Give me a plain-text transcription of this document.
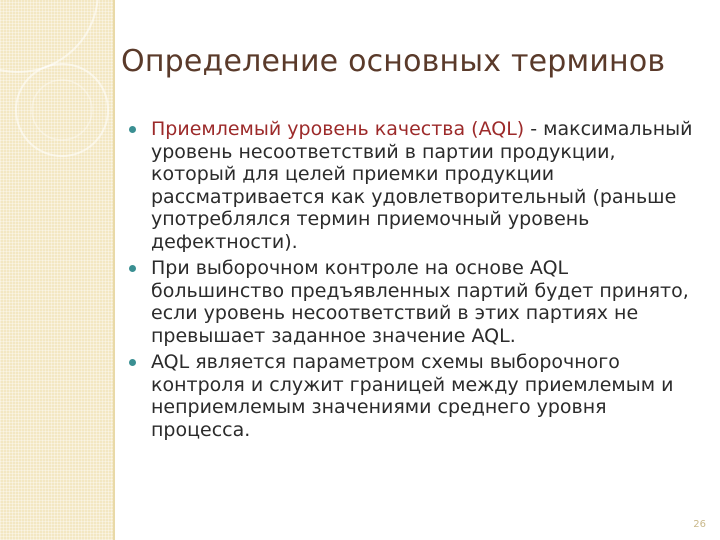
Определение основных терминов
Приемлемый уровень качества (AQL) - максимальный уровень несоответствий в партии продукции, который для целей приемки продукции рассматривается как удовлетворительный (раньше употреблялся термин приемочный уровень дефектности).
При выборочном контроле на основе AQL большинство предъявленных партий будет принято, если уровень несоответствий в этих партиях не превышает заданное значение AQL.
AQL является параметром схемы выборочного контроля и служит границей между приемлемым и неприемлемым значениями среднего уровня процесса.
26
